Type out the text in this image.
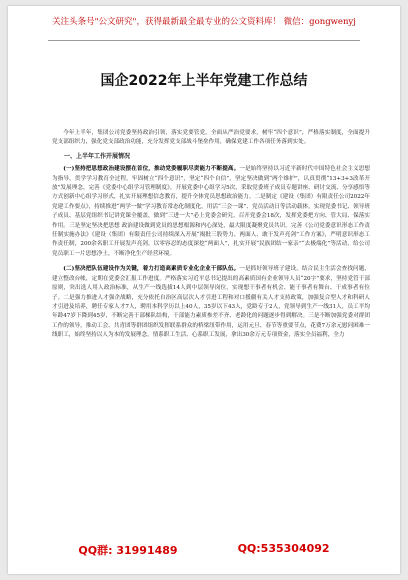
关注头条号"公文研究"，获得最新最全最专业的公文资料库！ 微信：gongwenyj
国企2022年上半年党建工作总结

今年上半年，集团公司党委坚持政治引领，落实党要管党，全面从严治党要求，树牢“四个意识”，严格落实制度，全面提升党支部组织力，强化党支部政治功能，充分发挥党支部战斗堡垒作用，确保党建工作各项任务落到实处。

一、上半年工作开展情况

(一)坚持把思想政治建设摆在首位，推动党委履职尽责能力不断提高。一是始终坚持以习近平新时代中国特色社会主义思想为指导，贯学学习教育全过程，牢固树立“四个意识”，坚定“四个自信”，坚定坚决做到“两个维护”，认真贯彻“13+3+3改革开放”发展理念，完善《党委中心组学习管理制度》，开展党委中心组学习5次，采取党委班子成员专题讲座、研讨交流、分享感悟等方式创新中心组学习形式，扎实开展理想信念教育，提升全体党员思想政治能力。二是制定《建设（集团）有限责任公司2022年党建工作要点》，持续推进“两学一做”学习教育常态化制度化，用活“三会一课”、党员活动日等活动载体，实现党委书记、领导班子成员、基层党组织书记讲党课全覆盖，做到“三进一大”必上党委会研究。召开党委会18次，发挥党委把方向、管大局、保落实作用。三是坚定坚决把思想 政治建设做到党员的思想根源和内心深处，最大限度凝聚党员共识。完善《公司党委意识形态工作责任制实施办法》《建设（集团）有限责任公司持续深入开展“揭批三股势力、两面人、敢于发声亮剑”工作方案》，严明意识形态工作责任制，200余名职工开展发声亮剑，以零容忍的态度深挖“两面人”，扎实开展“民族团结一家亲”“去极端化”等活动，给公司党员职工一片思想净土，不断净化生产经营环境。

(二)坚决把队伍建设作为关键，着力打造高素质专业化企业干部队伍。一是抓好领导班子建设，结合民主生活会查找问题，建立整改台帐，定期在党委会汇报工作进度。严格落实习近平总书记提出的高素质国有企业领导人员“20字”要求，坚持党管干部原则，突出选人用人政治标准，从生产一线选拔14人到中层领导岗位，实现想干事者有机会、能干事者有舞台、干成事者有位子。二是强力推进人才强企战略，充分依托自治区高层次人才引进工程和对口援疆有关人才支持政策，加强复合型人才和科研人才引进及培养，聘任专家人才7人，聘用本科学历以上40人，35岁以下43人，党龄专于2人，党领导到生产一线31人，员工平均年龄47岁下降到45岁，不断完善干部梯队结构，干部能力素质参差不齐、老龄化的问题逐步得到解决。三是不断加强党委对群团工作的领导，推动工会、共青团等群团组织发挥联系群众的桥梁纽带作用，运用元旦、春节等重要节点，花费7万余元慰问困难一线职工，始终坚持以人为本的发展理念，情系职工生活、心系职工发展，拿出30余万元专项资金，落实全员福利，全力

QQ群: 31991489	QQ:535304092
